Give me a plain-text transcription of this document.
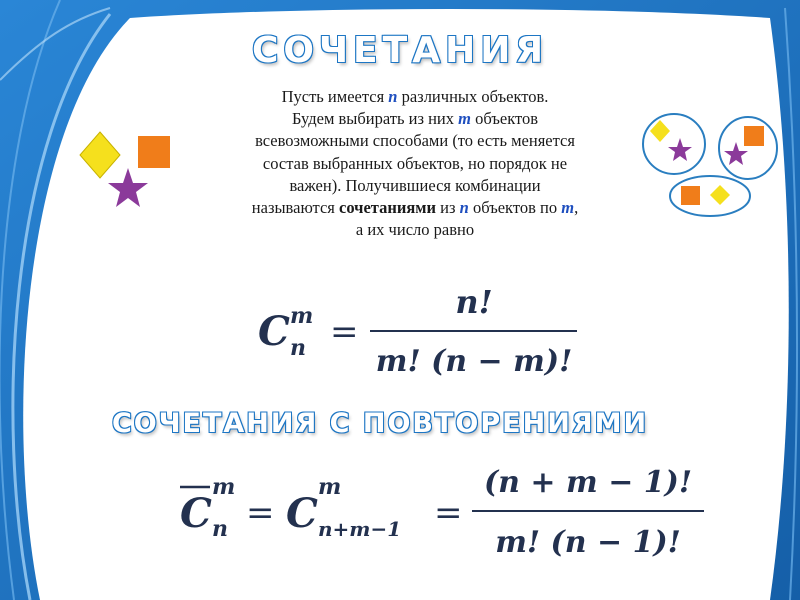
СОЧЕТАНИЯ
Пусть имеется n различных объектов.
Будем выбирать из них m объектов
всевозможными способами (то есть меняется
состав выбранных объектов, но порядок не
важен). Получившиеся комбинации
называются сочетаниями из n объектов по m,
а их число равно
C m
n =
n!
m! (n − m)!
СОЧЕТАНИЯ С ПОВТОРЕНИЯМИ
C
m
n = C
m
n+m−1 =
(n + m − 1)!
m! (n − 1)!
